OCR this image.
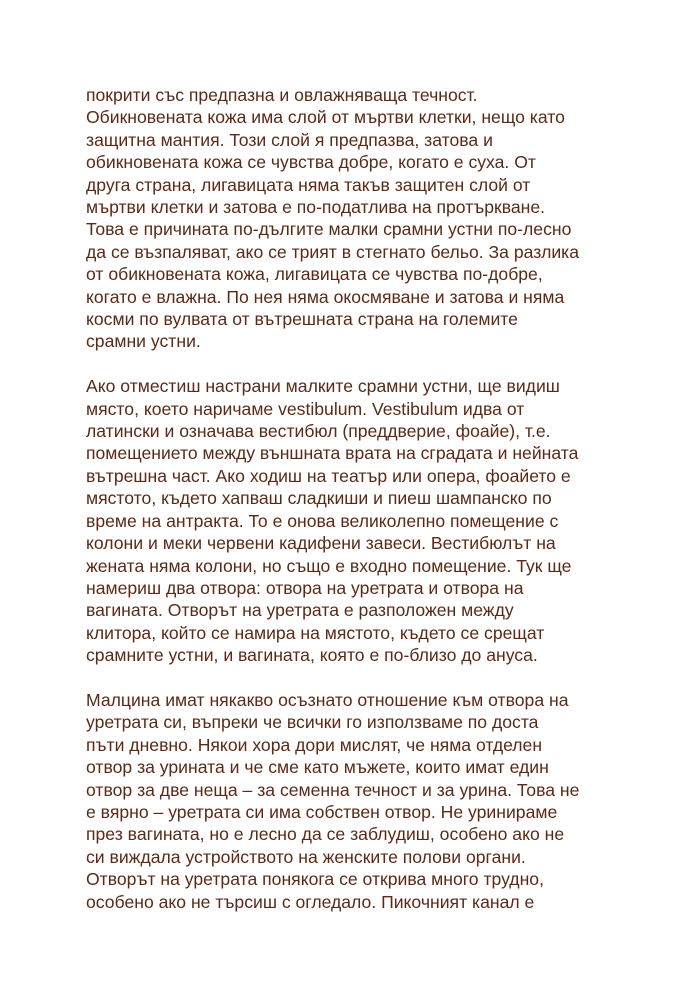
покрити със предпазна и овлажняваща течност.
Обикновената кожа има слой от мъртви клетки, нещо като
защитна мантия. Този слой я предпазва, затова и
обикновената кожа се чувства добре, когато е суха. От
друга страна, лигавицата няма такъв защитен слой от
мъртви клетки и затова е по-податлива на протъркване.
Това е причината по-дългите малки срамни устни по-лесно
да се възпаляват, ако се трият в стегнато бельо. За разлика
от обикновената кожа, лигавицата се чувства по-добре,
когато е влажна. По нея няма окосмяване и затова и няма
косми по вулвата от вътрешната страна на големите
срамни устни.

Ако отместиш настрани малките срамни устни, ще видиш
място, което наричаме vestibulum. Vestibulum идва от
латински и означава вестибюл (преддверие, фоайе), т.е.
помещението между външната врата на сградата и нейната
вътрешна част. Ако ходиш на театър или опера, фоайето е
мястото, където хапваш сладкиши и пиеш шампанско по
време на антракта. То е онова великолепно помещение с
колони и меки червени кадифени завеси. Вестибюлът на
жената няма колони, но също е входно помещение. Тук ще
намериш два отвора: отвора на уретрата и отвора на
вагината. Отворът на уретрата е разположен между
клитора, който се намира на мястото, където се срещат
срамните устни, и вагината, която е по-близо до ануса.

Малцина имат някакво осъзнато отношение към отвора на
уретрата си, въпреки че всички го използваме по доста
пъти дневно. Някои хора дори мислят, че няма отделен
отвор за урината и че сме като мъжете, които имат един
отвор за две неща – за семенна течност и за урина. Това не
е вярно – уретрата си има собствен отвор. Не уринираме
през вагината, но е лесно да се заблудиш, особено ако не
си виждала устройството на женските полови органи.
Отворът на уретрата понякога се открива много трудно,
особено ако не търсиш с огледало. Пикочният канал е
